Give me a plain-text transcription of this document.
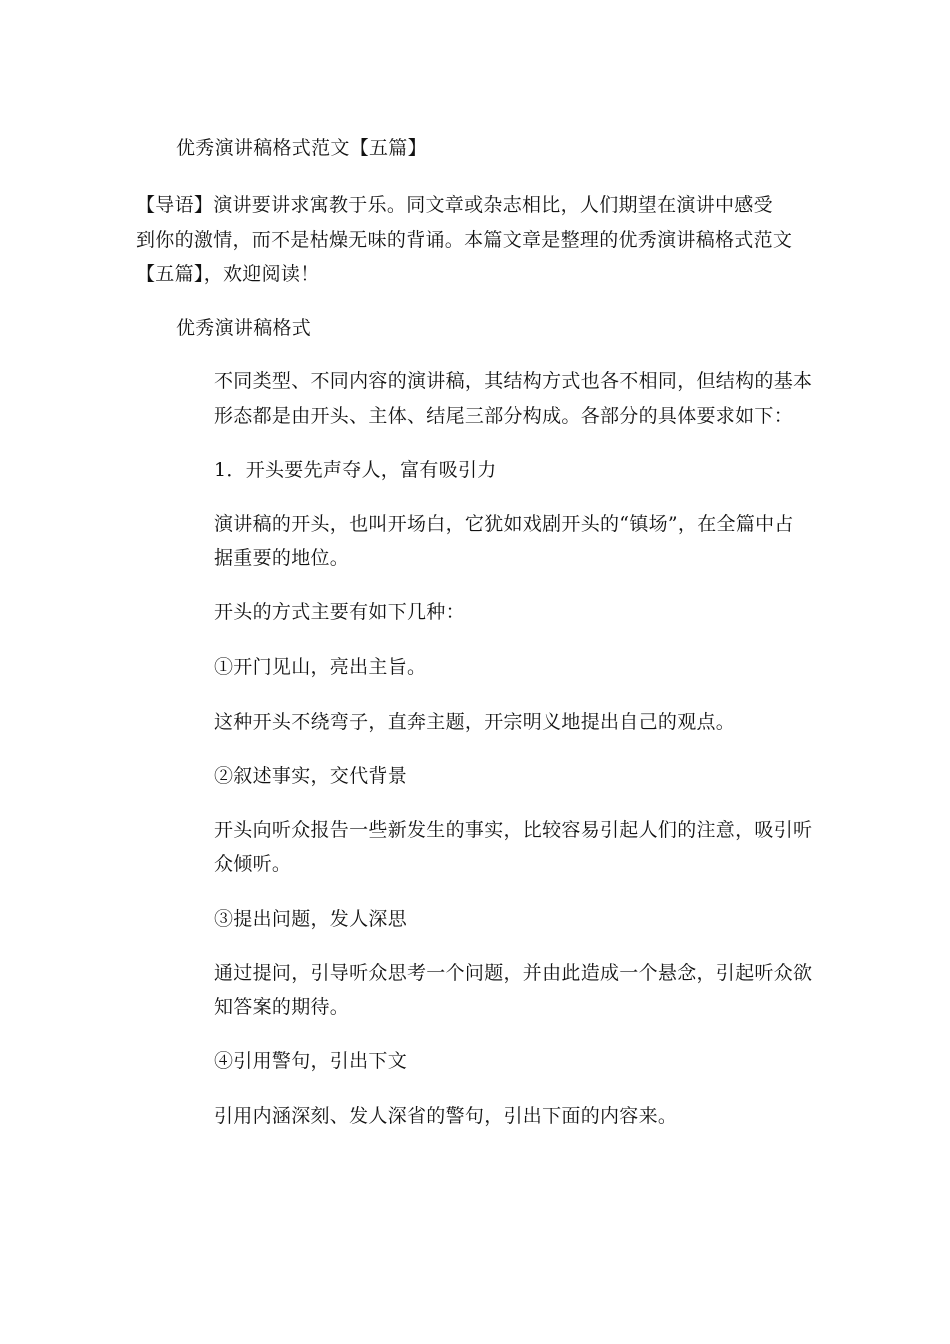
优秀演讲稿格式范文【五篇】
【导语】演讲要讲求寓教于乐。同文章或杂志相比，人们期望在演讲中感受
到你的激情，而不是枯燥无味的背诵。本篇文章是整理的优秀演讲稿格式范文
【五篇】，欢迎阅读！
优秀演讲稿格式
不同类型、不同内容的演讲稿，其结构方式也各不相同，但结构的基本
形态都是由开头、主体、结尾三部分构成。各部分的具体要求如下：
1．开头要先声夺人，富有吸引力
演讲稿的开头，也叫开场白，它犹如戏剧开头的“镇场”，在全篇中占
据重要的地位。
开头的方式主要有如下几种：
①开门见山，亮出主旨。
这种开头不绕弯子，直奔主题，开宗明义地提出自己的观点。
②叙述事实，交代背景
开头向听众报告一些新发生的事实，比较容易引起人们的注意，吸引听
众倾听。
③提出问题，发人深思
通过提问，引导听众思考一个问题，并由此造成一个悬念，引起听众欲
知答案的期待。
④引用警句，引出下文
引用内涵深刻、发人深省的警句，引出下面的内容来。
